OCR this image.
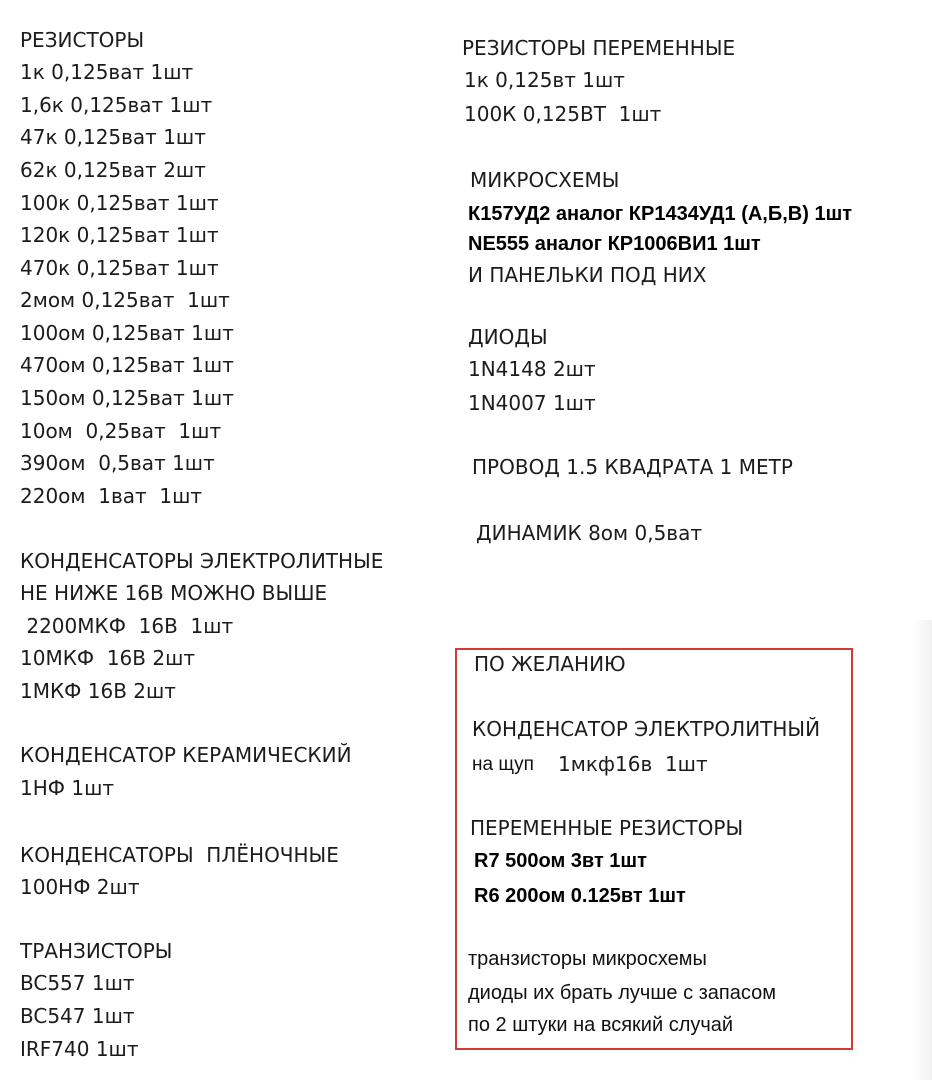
РЕЗИСТОРЫ
1к 0,125ват 1шт
1,6к 0,125ват 1шт
47к 0,125ват 1шт
62к 0,125ват 2шт
100к 0,125ват 1шт
120к 0,125ват 1шт
470к 0,125ват 1шт
2мом 0,125ват  1шт
100ом 0,125ват 1шт
470ом 0,125ват 1шт
150ом 0,125ват 1шт
10ом  0,25ват  1шт
390ом  0,5ват 1шт
220ом  1ват  1шт
КОНДЕНСАТОРЫ ЭЛЕКТРОЛИТНЫЕ
НЕ НИЖЕ 16В МОЖНО ВЫШЕ
2200МКФ  16В  1шт
10МКФ  16В 2шт
1МКФ 16В 2шт
КОНДЕНСАТОР КЕРАМИЧЕСКИЙ
1НФ 1шт
КОНДЕНСАТОРЫ  ПЛЁНОЧНЫЕ
100НФ 2шт
ТРАНЗИСТОРЫ
BC557 1шт
BC547 1шт
IRF740 1шт
РЕЗИСТОРЫ ПЕРЕМЕННЫЕ
1к 0,125вт 1шт
100К 0,125ВТ  1шт
МИКРОСХЕМЫ
К157УД2 аналог КР1434УД1 (А,Б,В) 1шт
NE555 аналог КР1006ВИ1 1шт
И ПАНЕЛЬКИ ПОД НИХ
ДИОДЫ
1N4148 2шт
1N4007 1шт
ПРОВОД 1.5 КВАДРАТА 1 МЕТР
ДИНАМИК 8ом 0,5ват
ПО ЖЕЛАНИЮ
КОНДЕНСАТОР ЭЛЕКТРОЛИТНЫЙ
на щуп 1мкф16в  1шт
ПЕРЕМЕННЫЕ РЕЗИСТОРЫ
R7 500ом 3вт 1шт
R6 200ом 0.125вт 1шт
транзисторы микросхемы
диоды их брать лучше с запасом
по 2 штуки на всякий случай
